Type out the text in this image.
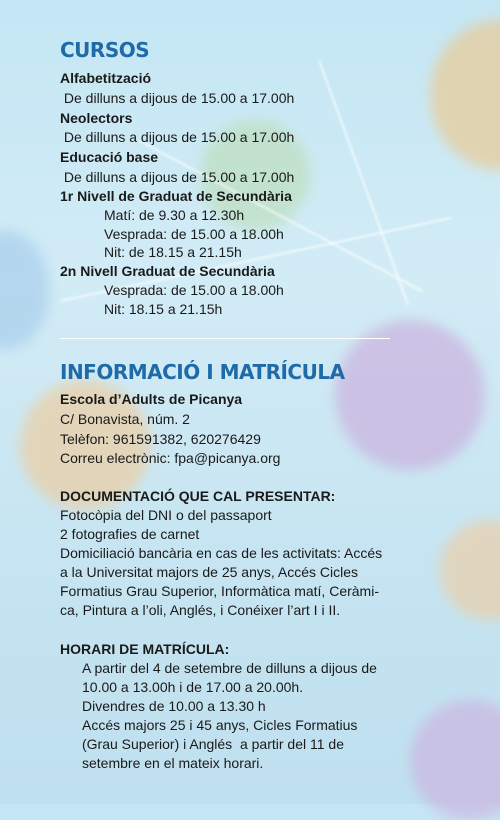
CURSOS

Alfabetització

De dilluns a dijous de 15.00 a 17.00h

Neolectors

De dilluns a dijous de 15.00 a 17.00h

Educació base

De dilluns a dijous de 15.00 a 17.00h

1r Nivell de Graduat de Secundària

Matí: de 9.30 a 12.30h

Vesprada: de 15.00 a 18.00h

Nit: de 18.15 a 21.15h

2n Nivell Graduat de Secundària

Vesprada: de 15.00 a 18.00h

Nit: 18.15 a 21.15h

INFORMACIÓ I MATRÍCULA

Escola d’Adults de Picanya

C/ Bonavista, núm. 2

Telèfon: 961591382, 620276429

Correu electrònic: fpa@picanya.org

DOCUMENTACIÓ QUE CAL PRESENTAR:

Fotocòpia del DNI o del passaport

2 fotografies de carnet

Domiciliació bancària en cas de les activitats: Accés

a la Universitat majors de 25 anys, Accés Cicles

Formatius Grau Superior, Informàtica matí, Ceràmi-

ca, Pintura a l’oli, Anglés, i Conéixer l’art I i II.

HORARI DE MATRÍCULA:

A partir del 4 de setembre de dilluns a dijous de

10.00 a 13.00h i de 17.00 a 20.00h.

Divendres de 10.00 a 13.30 h

Accés majors 25 i 45 anys, Cicles Formatius

(Grau Superior) i Anglés  a partir del 11 de

setembre en el mateix horari.
